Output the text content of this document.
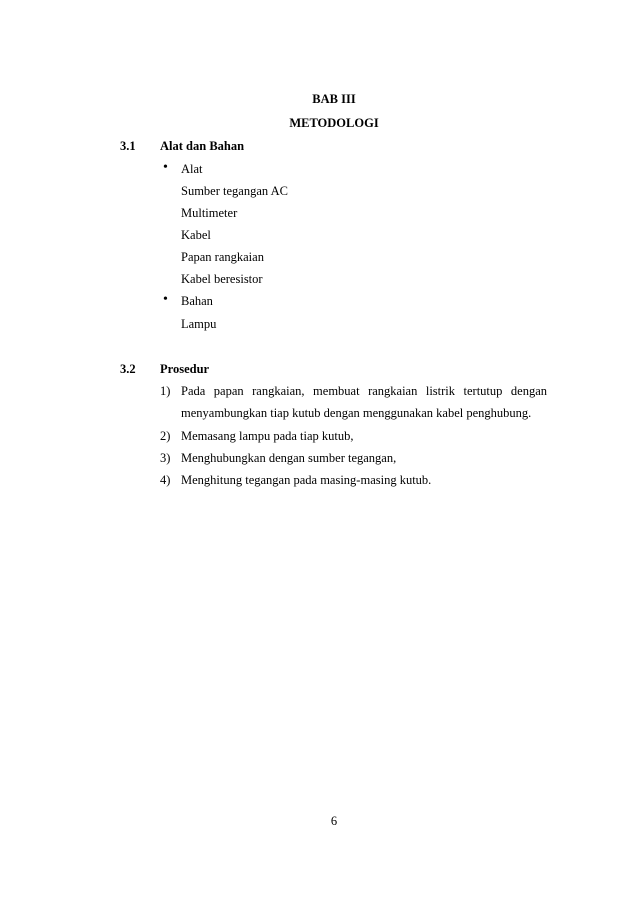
BAB III
METODOLOGI
3.1 Alat dan Bahan
• Alat
Sumber tegangan AC
Multimeter
Kabel
Papan rangkaian
Kabel beresistor
• Bahan
Lampu
3.2 Prosedur
1) Pada papan rangkaian, membuat rangkaian listrik tertutup dengan
menyambungkan tiap kutub dengan menggunakan kabel penghubung.
2) Memasang lampu pada tiap kutub,
3) Menghubungkan dengan sumber tegangan,
4) Menghitung tegangan pada masing-masing kutub.
6
